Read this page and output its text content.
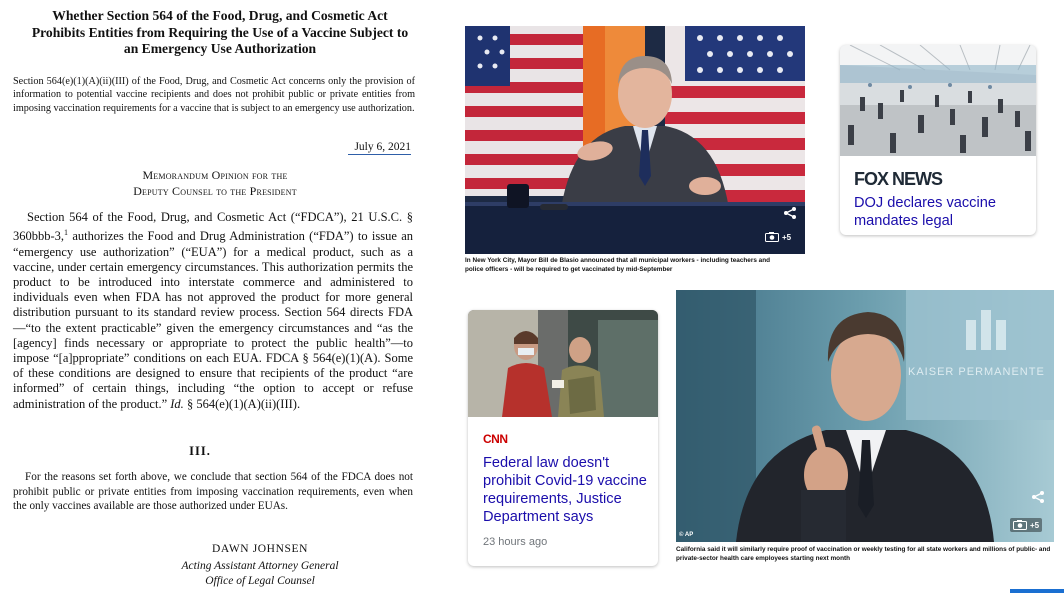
Whether Section 564 of the Food, Drug, and Cosmetic Act Prohibits Entities from Requiring the Use of a Vaccine Subject to an Emergency Use Authorization
Section 564(e)(1)(A)(ii)(III) of the Food, Drug, and Cosmetic Act concerns only the provision of information to potential vaccine recipients and does not prohibit public or private entities from imposing vaccination requirements for a vaccine that is subject to an emergency use authorization.
July 6, 2021
Memorandum Opinion for the
Deputy Counsel to the President
Section 564 of the Food, Drug, and Cosmetic Act (“FDCA”), 21 U.S.C. § 360bbb-3,$^1$ authorizes the Food and Drug Administration (“FDA”) to issue an “emergency use authorization” (“EUA”) for a medical product, such as a vaccine, under certain emergency circumstances. This authorization permits the product to be introduced into interstate commerce and administered to individuals even when FDA has not approved the product for more general distribution pursuant to its standard review process. Section 564 directs FDA—“to the extent practicable” given the emergency circumstances and “as the [agency] finds necessary or appropriate to protect the public health”—to impose “[a]ppropriate” conditions on each EUA. FDCA § 564(e)(1)(A). Some of these conditions are designed to ensure that recipients of the product “are informed” of certain things, including “the option to accept or refuse administration of the product.” Id. § 564(e)(1)(A)(ii)(III).
III.
For the reasons set forth above, we conclude that section 564 of the FDCA does not prohibit public or private entities from imposing vaccination requirements, even when the only vaccines available are those authorized under EUAs.
DAWN JOHNSEN
Acting Assistant Attorney General
Office of Legal Counsel
+5
In New York City, Mayor Bill de Blasio announced that all municipal workers - including teachers and police officers - will be required to get vaccinated by mid-September
FOX NEWS
DOJ declares vaccine mandates legal
CNN
Federal law doesn't prohibit Covid-19 vaccine requirements, Justice Department says
23 hours ago
KAISER PERMANENTE
+5
© AP
California said it will similarly require proof of vaccination or weekly testing for all state workers and millions of public- and private-sector health care employees starting next month
